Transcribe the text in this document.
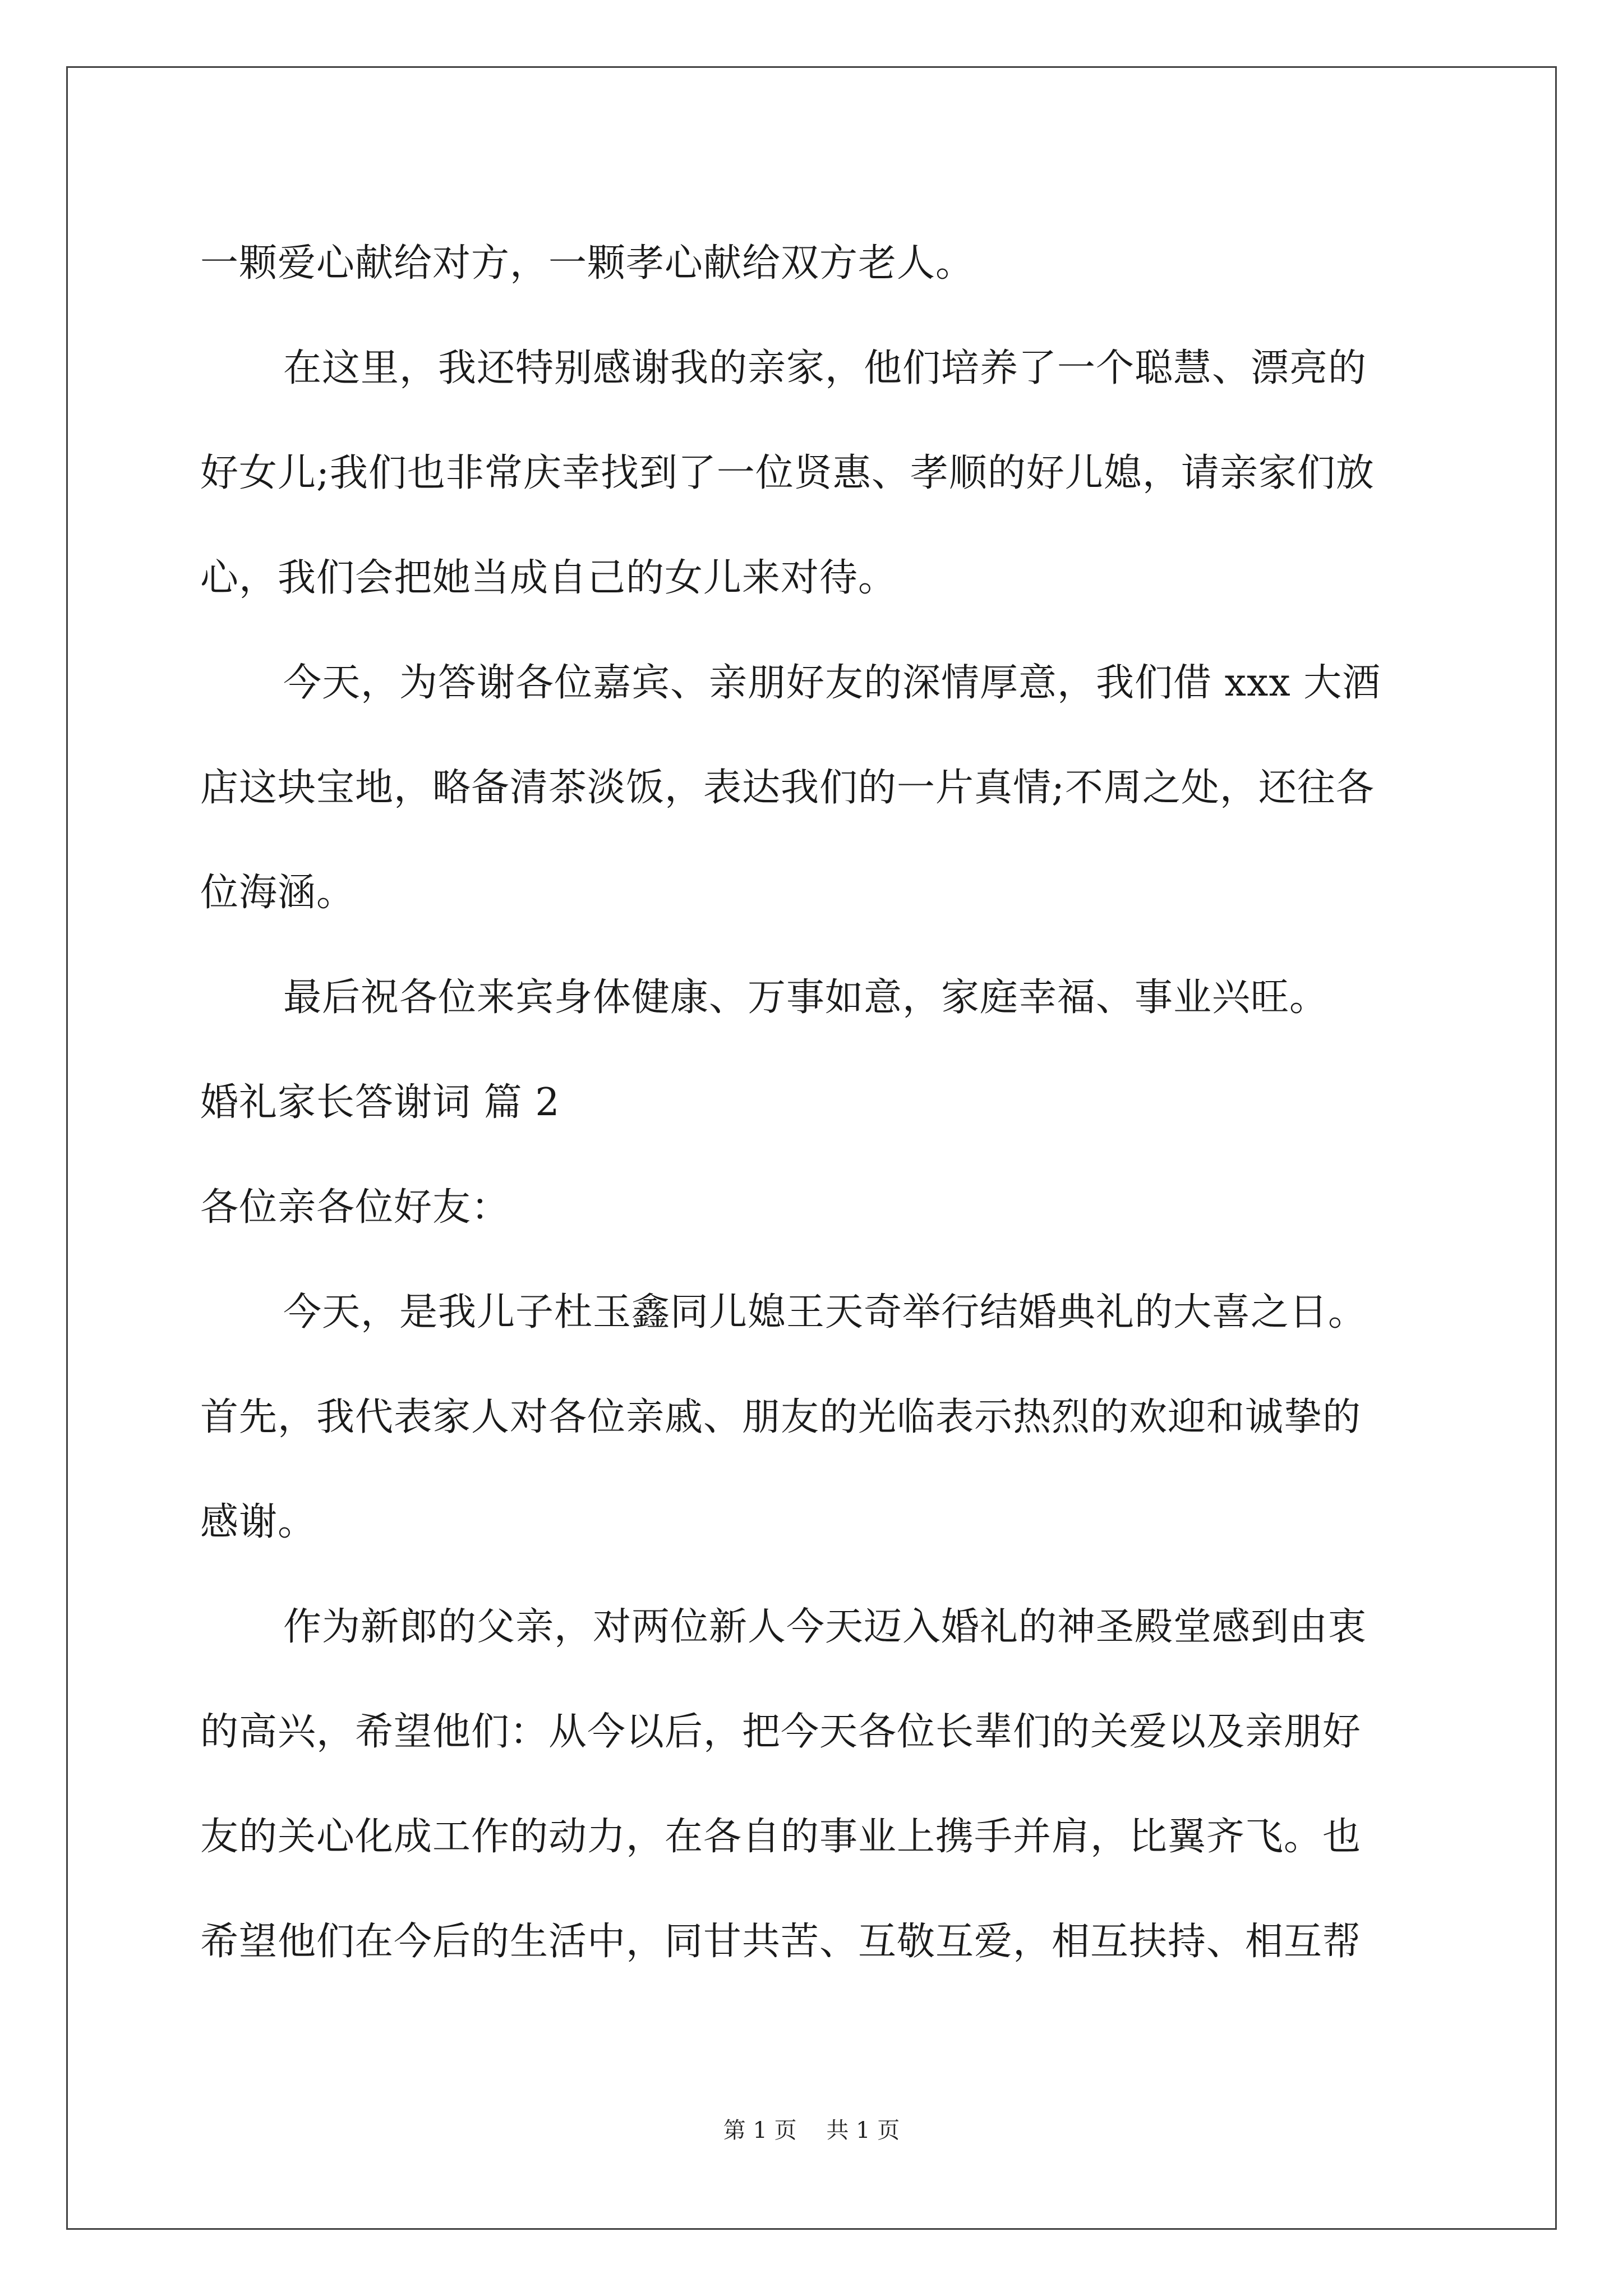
一颗爱心献给对方，一颗孝心献给双方老人。
在这里，我还特别感谢我的亲家，他们培养了一个聪慧、漂亮的
好女儿;我们也非常庆幸找到了一位贤惠、孝顺的好儿媳，请亲家们放
心，我们会把她当成自己的女儿来对待。
今天，为答谢各位嘉宾、亲朋好友的深情厚意，我们借 xxx 大酒
店这块宝地，略备清茶淡饭，表达我们的一片真情;不周之处，还往各
位海涵。
最后祝各位来宾身体健康、万事如意，家庭幸福、事业兴旺。
婚礼家长答谢词 篇 2
各位亲各位好友：
今天，是我儿子杜玉鑫同儿媳王天奇举行结婚典礼的大喜之日。
首先，我代表家人对各位亲戚、朋友的光临表示热烈的欢迎和诚挚的
感谢。
作为新郎的父亲，对两位新人今天迈入婚礼的神圣殿堂感到由衷
的高兴，希望他们：从今以后，把今天各位长辈们的关爱以及亲朋好
友的关心化成工作的动力，在各自的事业上携手并肩，比翼齐飞。也
希望他们在今后的生活中，同甘共苦、互敬互爱，相互扶持、相互帮
第 1 页 共 1 页
